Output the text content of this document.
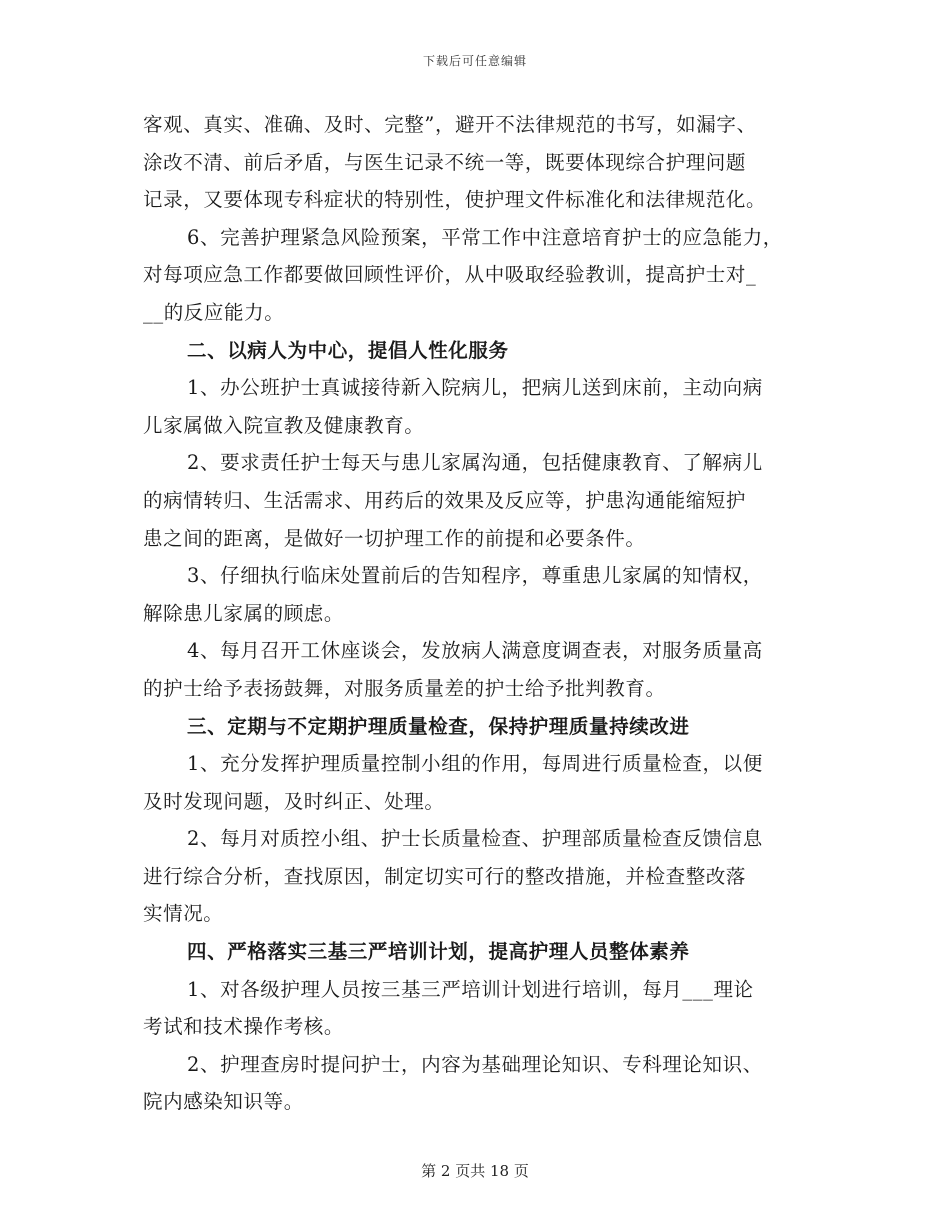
下载后可任意编辑
客观、真实、准确、及时、完整”，避开不法律规范的书写，如漏字、
涂改不清、前后矛盾，与医生记录不统一等，既要体现综合护理问题
记录，又要体现专科症状的特别性，使护理文件标准化和法律规范化。
6、完善护理紧急风险预案，平常工作中注意培育护士的应急能力，
对每项应急工作都要做回顾性评价，从中吸取经验教训，提高护士对_
__的反应能力。
二、以病人为中心，提倡人性化服务
1、办公班护士真诚接待新入院病儿，把病儿送到床前，主动向病
儿家属做入院宣教及健康教育。
2、要求责任护士每天与患儿家属沟通，包括健康教育、了解病儿
的病情转归、生活需求、用药后的效果及反应等，护患沟通能缩短护
患之间的距离，是做好一切护理工作的前提和必要条件。
3、仔细执行临床处置前后的告知程序，尊重患儿家属的知情权，
解除患儿家属的顾虑。
4、每月召开工休座谈会，发放病人满意度调查表，对服务质量高
的护士给予表扬鼓舞，对服务质量差的护士给予批判教育。
三、定期与不定期护理质量检查，保持护理质量持续改进
1、充分发挥护理质量控制小组的作用，每周进行质量检查，以便
及时发现问题，及时纠正、处理。
2、每月对质控小组、护士长质量检查、护理部质量检查反馈信息
进行综合分析，查找原因，制定切实可行的整改措施，并检查整改落
实情况。
四、严格落实三基三严培训计划，提高护理人员整体素养
1、对各级护理人员按三基三严培训计划进行培训，每月___理论
考试和技术操作考核。
2、护理查房时提问护士，内容为基础理论知识、专科理论知识、
院内感染知识等。
第 2 页共 18 页
